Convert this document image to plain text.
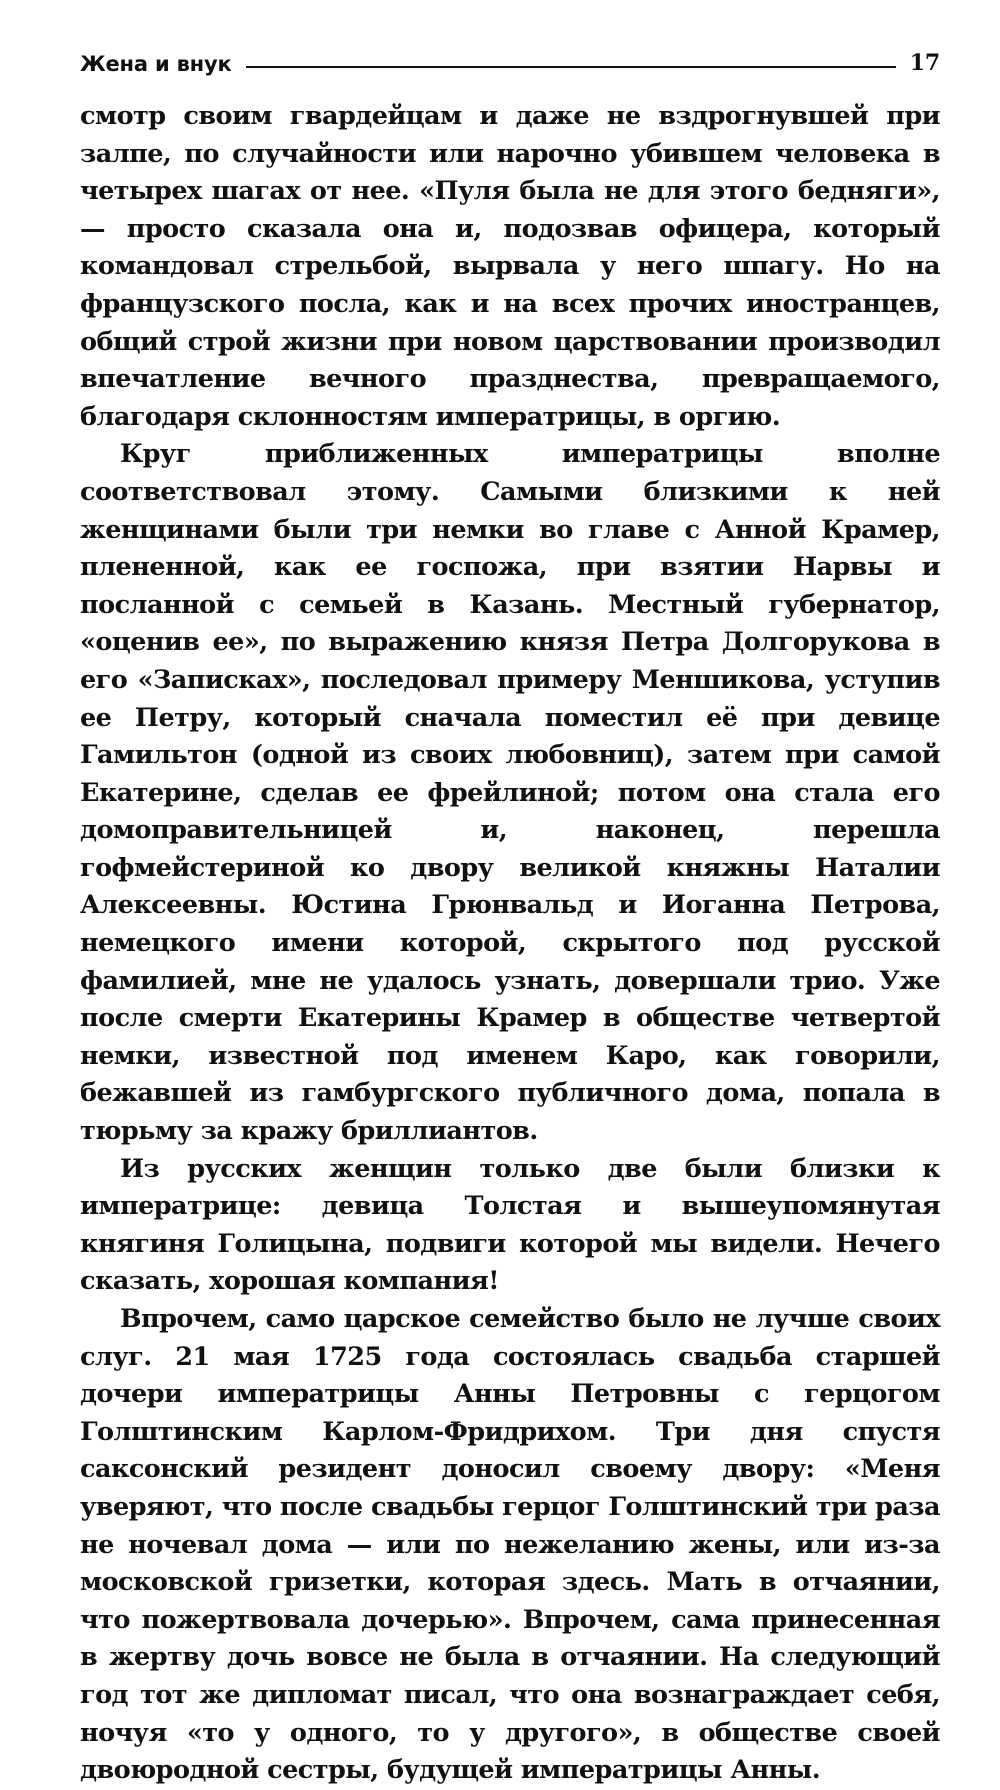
Жена и внук	17

смотр своим гвардейцам и даже не вздрогнувшей при залпе, по случайности или нарочно убившем человека в четырех шагах от нее. «Пуля была не для этого бедняги», — просто сказала она и, подозвав офицера, который командовал стрельбой, вырвала у него шпагу. Но на французского посла, как и на всех прочих иностранцев, общий строй жизни при новом царствовании производил впечатление вечного празднества, превращаемого, благодаря склонностям императрицы, в оргию.

Круг приближенных императрицы вполне соответствовал этому. Самыми близкими к ней женщинами были три немки во главе с Анной Крамер, плененной, как ее госпожа, при взятии Нарвы и посланной с семьей в Казань. Местный губернатор, «оценив ее», по выражению князя Петра Долгорукова в его «Записках», последовал примеру Меншикова, уступив ее Петру, который сначала поместил её при девице Гамильтон (одной из своих любовниц), затем при самой Екатерине, сделав ее фрейлиной; потом она стала его домоправительницей и, наконец, перешла гофмейстериной ко двору великой княжны Наталии Алексеевны. Юстина Грюнвальд и Иоганна Петрова, немецкого имени которой, скрытого под русской фамилией, мне не удалось узнать, довершали трио. Уже после смерти Екатерины Крамер в обществе четвертой немки, известной под именем Каро, как говорили, бежавшей из гамбургского публичного дома, попала в тюрьму за кражу бриллиантов.

Из русских женщин только две были близки к императрице: девица Толстая и вышеупомянутая княгиня Голицына, подвиги которой мы видели. Нечего сказать, хорошая компания!

Впрочем, само царское семейство было не лучше своих слуг. 21 мая 1725 года состоялась свадьба старшей дочери императрицы Анны Петровны с герцогом Голштинским Карлом-Фридрихом. Три дня спустя саксонский резидент доносил своему двору: «Меня уверяют, что после свадьбы герцог Голштинский три раза не ночевал дома — или по нежеланию жены, или из-за московской гризетки, которая здесь. Мать в отчаянии, что пожертвовала дочерью». Впрочем, сама принесенная в жертву дочь вовсе не была в отчаянии. На следующий год тот же дипломат писал, что она вознаграждает себя, ночуя «то у одного, то у другого», в обществе своей двоюродной сестры, будущей императрицы Анны.
